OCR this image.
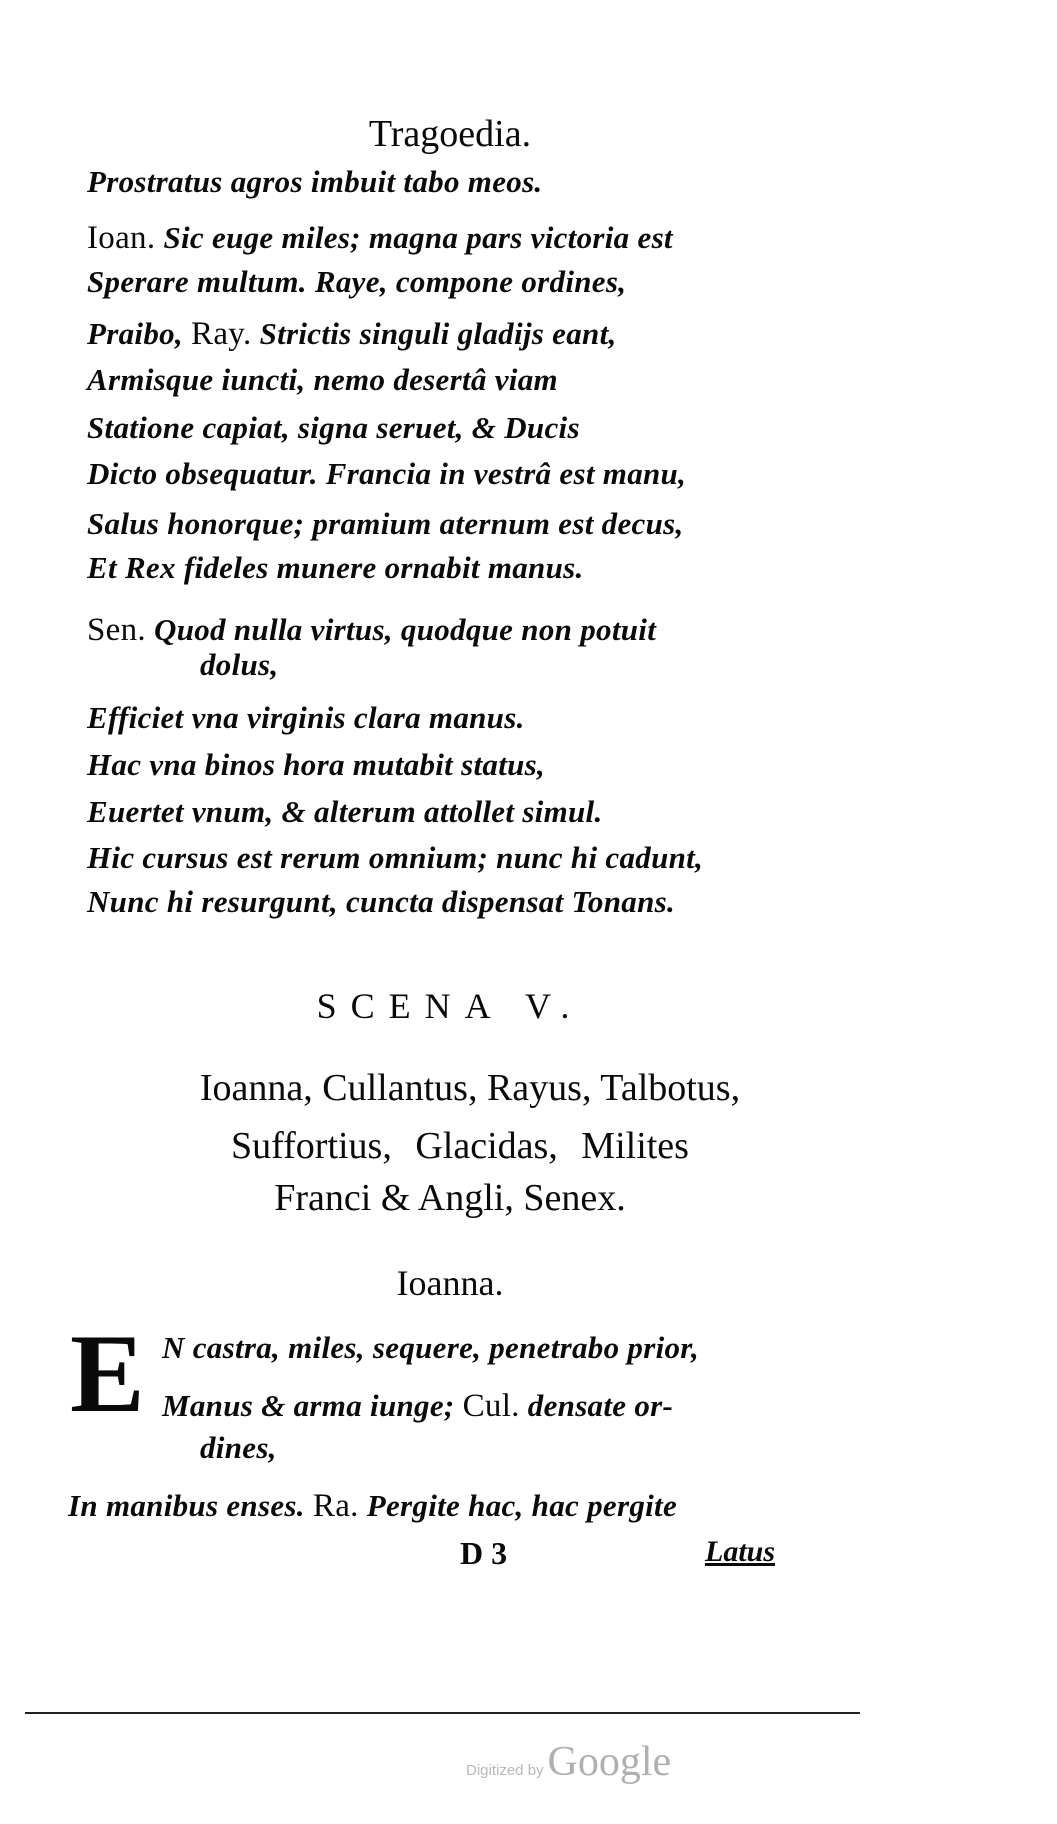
Tragoedia.
Prostratus agros imbuit tabo meos.
Ioan. Sic euge miles; magna pars victoria est
Sperare multum. Raye, compone ordines,
Praibo, Ray. Strictis singuli gladijs eant,
Armisque iuncti, nemo desertâ viam
Statione capiat, signa seruet, & Ducis
Dicto obsequatur. Francia in vestrâ est manu,
Salus honorque; pramium aternum est decus,
Et Rex fideles munere ornabit manus.
Sen. Quod nulla virtus, quodque non potuit
dolus,
Efficiet vna virginis clara manus.
Hac vna binos hora mutabit status,
Euertet vnum, & alterum attollet simul.
Hic cursus est rerum omnium; nunc hi cadunt,
Nunc hi resurgunt, cuncta dispensat Tonans.
SCENA V.
Ioanna, Cullantus, Rayus, Talbotus,
Suffortius, Glacidas, Milites
Franci & Angli, Senex.
Ioanna.
E N castra, miles, sequere, penetrabo prior,
Manus & arma iunge; Cul. densate or-
dines,
In manibus enses. Ra. Pergite hac, hac pergite
D 3	Latus
Digitized by Google
